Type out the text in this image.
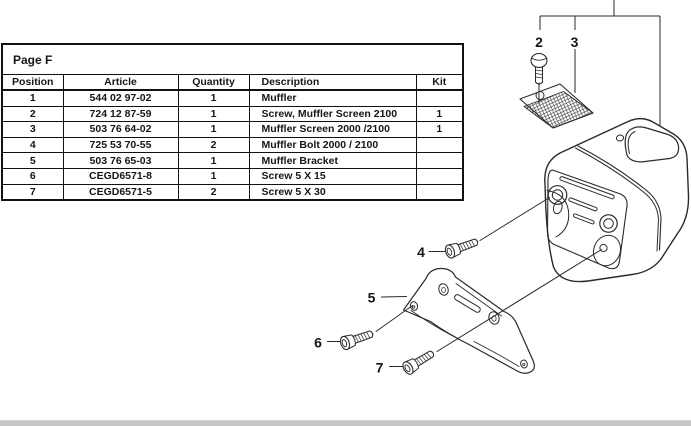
Page F				
Position	Article	Quantity	Description	Kit
1	544 02 97-02	1	Muffler	
2	724 12 87-59	1	Screw, Muffler Screen 2100	1
3	503 76 64-02	1	Muffler Screen 2000 /2100	1
4	725 53 70-55	2	Muffler Bolt 2000 / 2100	
5	503 76 65-03	1	Muffler Bracket	
6	CEGD6571-8	1	Screw 5 X 15	
7	CEGD6571-5	2	Screw 5 X 30	
2 3
4
5
6
7
